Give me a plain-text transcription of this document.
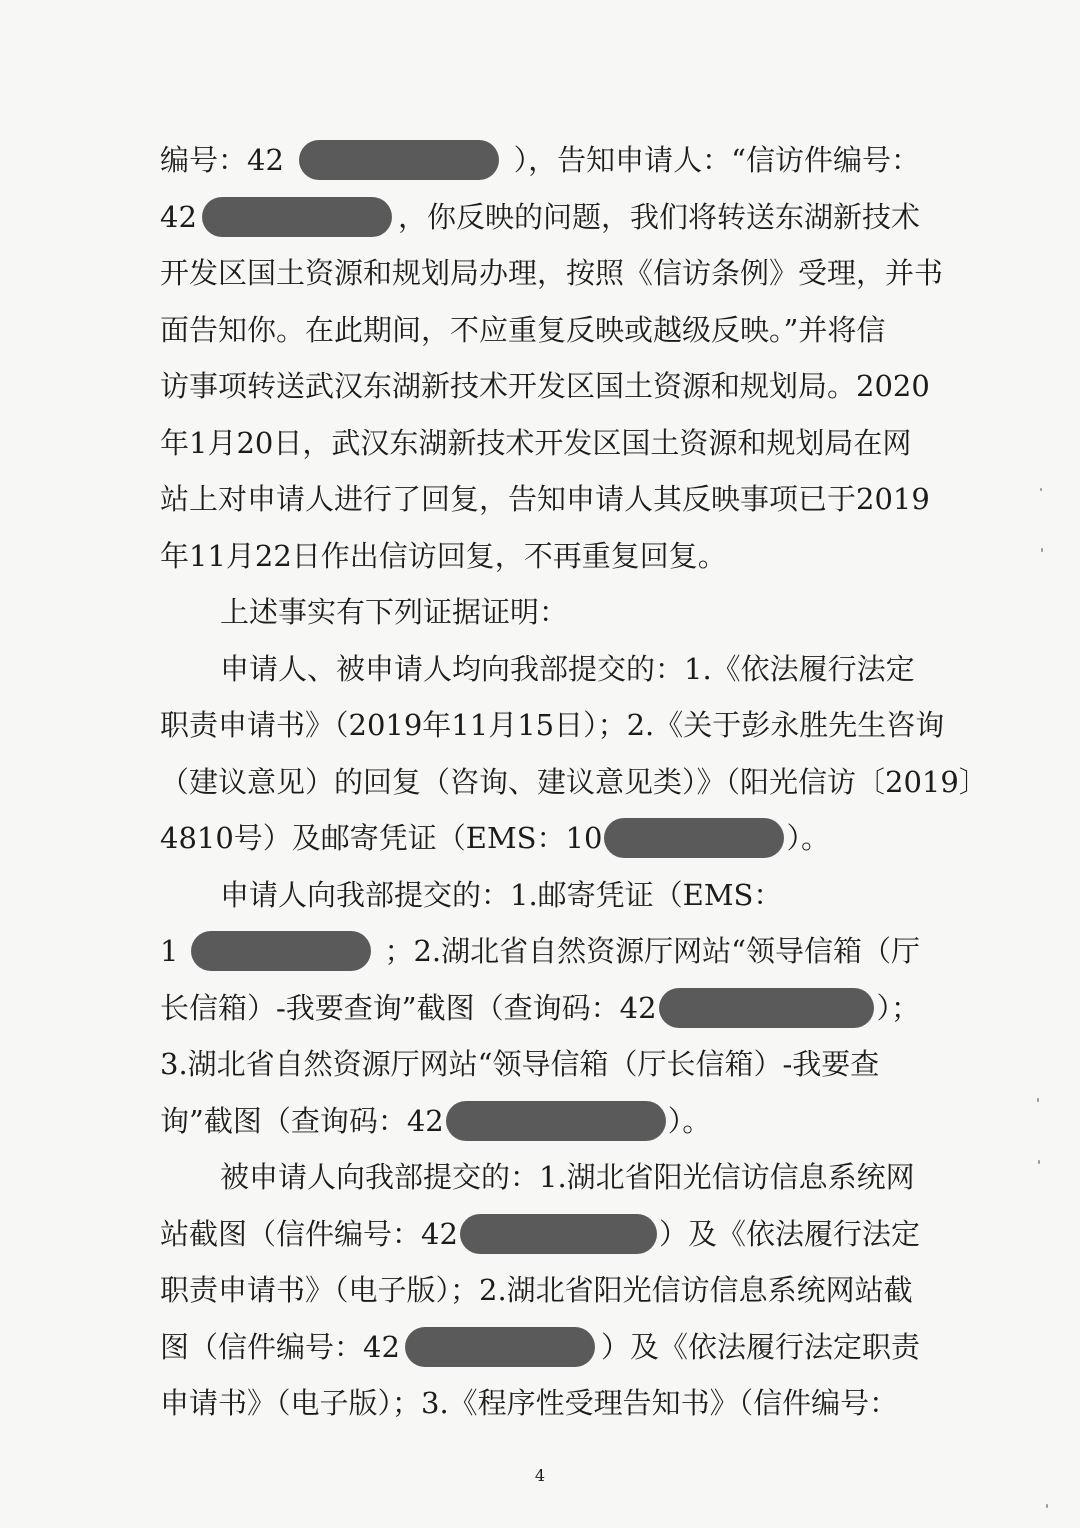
编号：42	），告知申请人：“信访件编号：
42	，你反映的问题，我们将转送东湖新技术
开发区国土资源和规划局办理，按照《信访条例》受理，并书
面告知你。在此期间，不应重复反映或越级反映。”并将信
访事项转送武汉东湖新技术开发区国土资源和规划局。2020
年1月20日，武汉东湖新技术开发区国土资源和规划局在网
站上对申请人进行了回复，告知申请人其反映事项已于2019
年11月22日作出信访回复，不再重复回复。
上述事实有下列证据证明：
申请人、被申请人均向我部提交的：1.《依法履行法定
职责申请书》（2019年11月15日）；2.《关于彭永胜先生咨询
（建议意见）的回复（咨询、建议意见类）》（阳光信访〔2019〕
4810号）及邮寄凭证（EMS：10	）。
申请人向我部提交的：1.邮寄凭证（EMS：
1	；2.湖北省自然资源厅网站“领导信箱（厅
长信箱）-我要查询”截图（查询码：42	）；
3.湖北省自然资源厅网站“领导信箱（厅长信箱）-我要查
询”截图（查询码：42	）。
被申请人向我部提交的：1.湖北省阳光信访信息系统网
站截图（信件编号：42	）及《依法履行法定
职责申请书》（电子版）；2.湖北省阳光信访信息系统网站截
图（信件编号：42	）及《依法履行法定职责
申请书》（电子版）；3.《程序性受理告知书》（信件编号：
4
